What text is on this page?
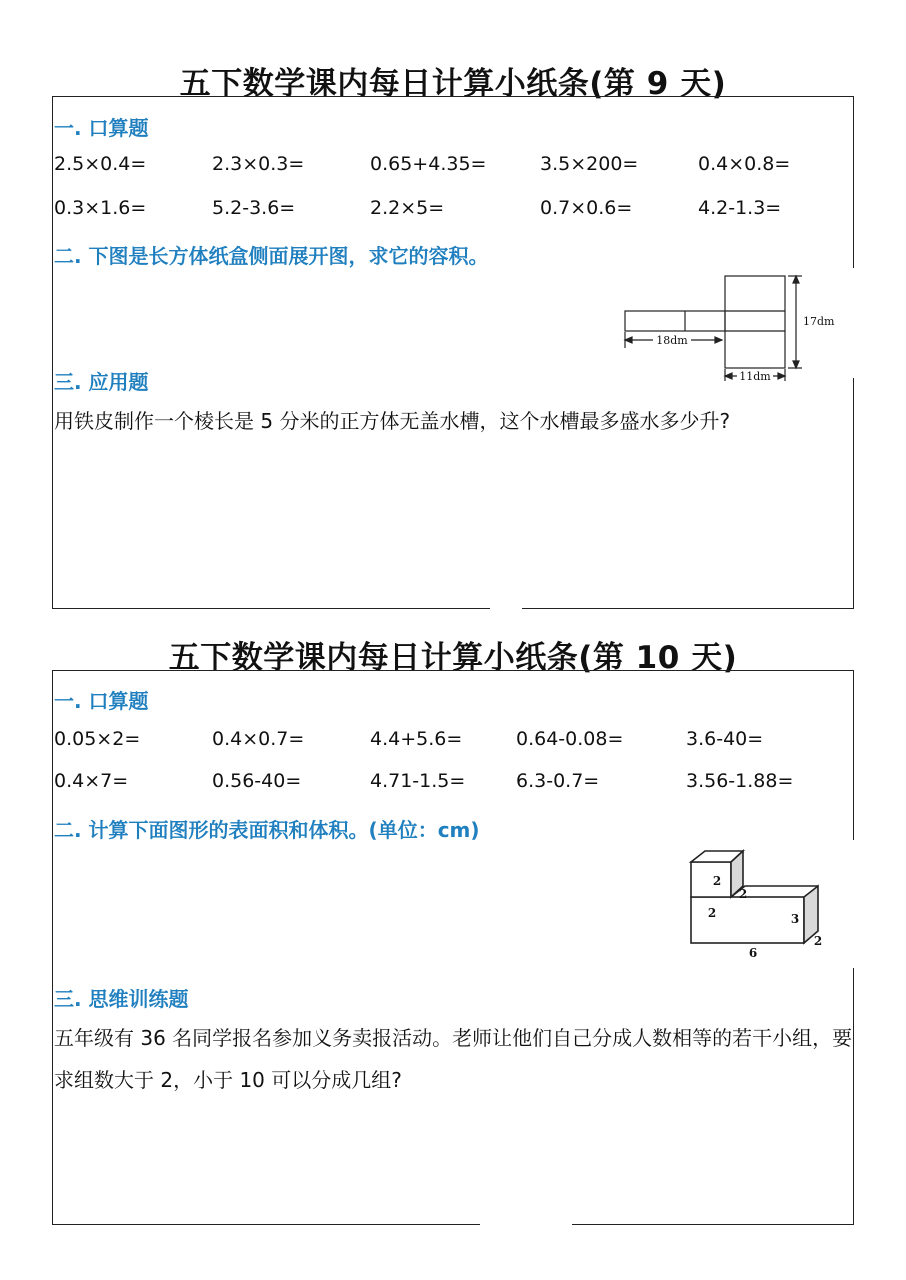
五下数学课内每日计算小纸条(第 9 天)
一. 口算题
2.5×0.4=	2.3×0.3=	0.65+4.35=	3.5×200=	0.4×0.8=
0.3×1.6=	5.2-3.6=	2.2×5=	0.7×0.6=	4.2-1.3=
二. 下图是长方体纸盒侧面展开图，求它的容积。
18dm
17dm
11dm
三. 应用题
用铁皮制作一个棱长是 5 分米的正方体无盖水槽，这个水槽最多盛水多少升?
五下数学课内每日计算小纸条(第 10 天)
一. 口算题
0.05×2=	0.4×0.7=	4.4+5.6=	0.64-0.08=	3.6-40=
0.4×7=	0.56-40=	4.71-1.5=	6.3-0.7=	3.56-1.88=
二. 计算下面图形的表面积和体积。(单位：cm)
2
2
2
3
2
6
三. 思维训练题
五年级有 36 名同学报名参加义务卖报活动。老师让他们自己分成人数相等的若干小组，要求组数大于 2，小于 10 可以分成几组?
